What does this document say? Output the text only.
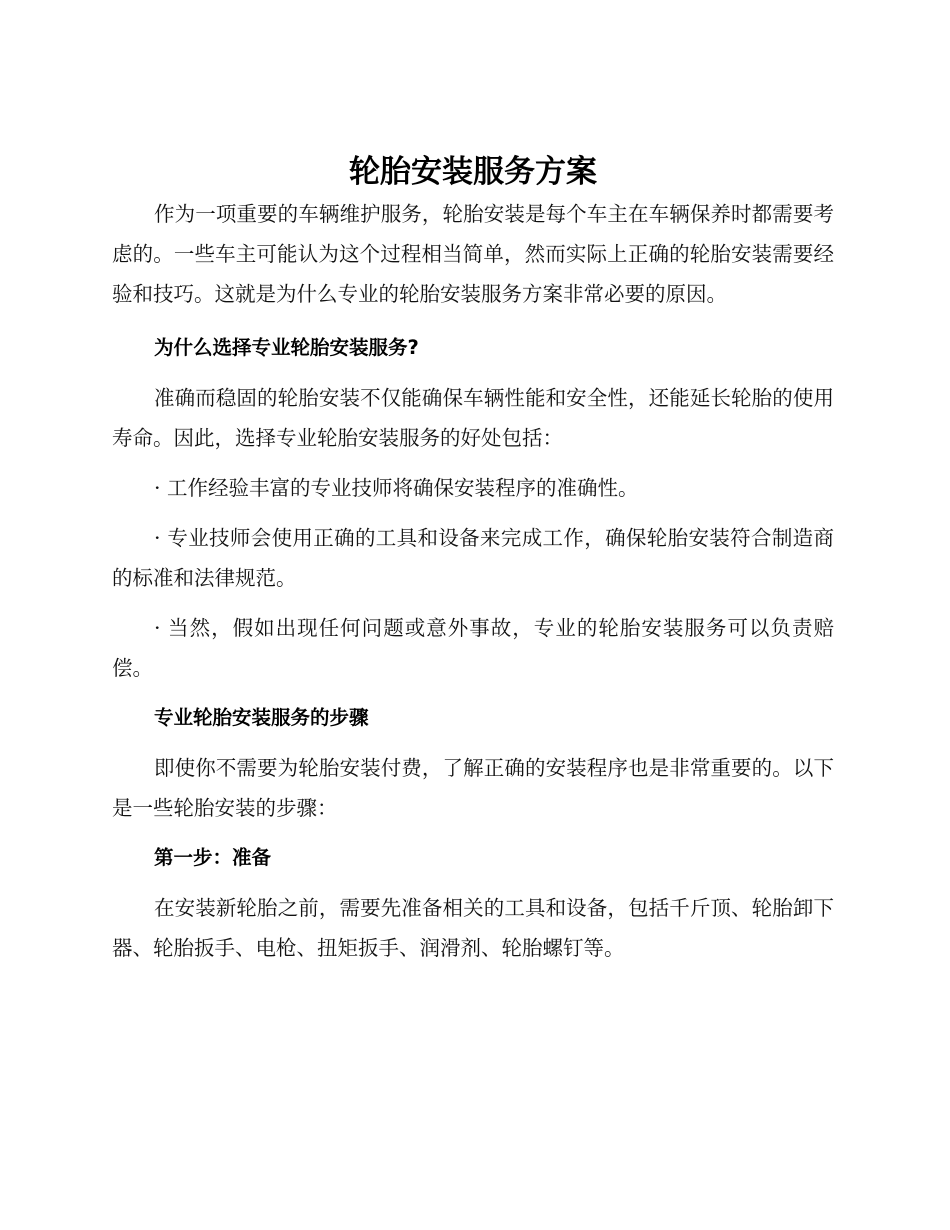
轮胎安装服务方案

作为一项重要的车辆维护服务，轮胎安装是每个车主在车辆保养时都需要考虑的。一些车主可能认为这个过程相当简单，然而实际上正确的轮胎安装需要经验和技巧。这就是为什么专业的轮胎安装服务方案非常必要的原因。

为什么选择专业轮胎安装服务?

准确而稳固的轮胎安装不仅能确保车辆性能和安全性，还能延长轮胎的使用寿命。因此，选择专业轮胎安装服务的好处包括：

· 工作经验丰富的专业技师将确保安装程序的准确性。

· 专业技师会使用正确的工具和设备来完成工作，确保轮胎安装符合制造商的标准和法律规范。

· 当然，假如出现任何问题或意外事故，专业的轮胎安装服务可以负责赔偿。

专业轮胎安装服务的步骤

即使你不需要为轮胎安装付费，了解正确的安装程序也是非常重要的。以下是一些轮胎安装的步骤：

第一步：准备

在安装新轮胎之前，需要先准备相关的工具和设备，包括千斤顶、轮胎卸下器、轮胎扳手、电枪、扭矩扳手、润滑剂、轮胎螺钉等。
